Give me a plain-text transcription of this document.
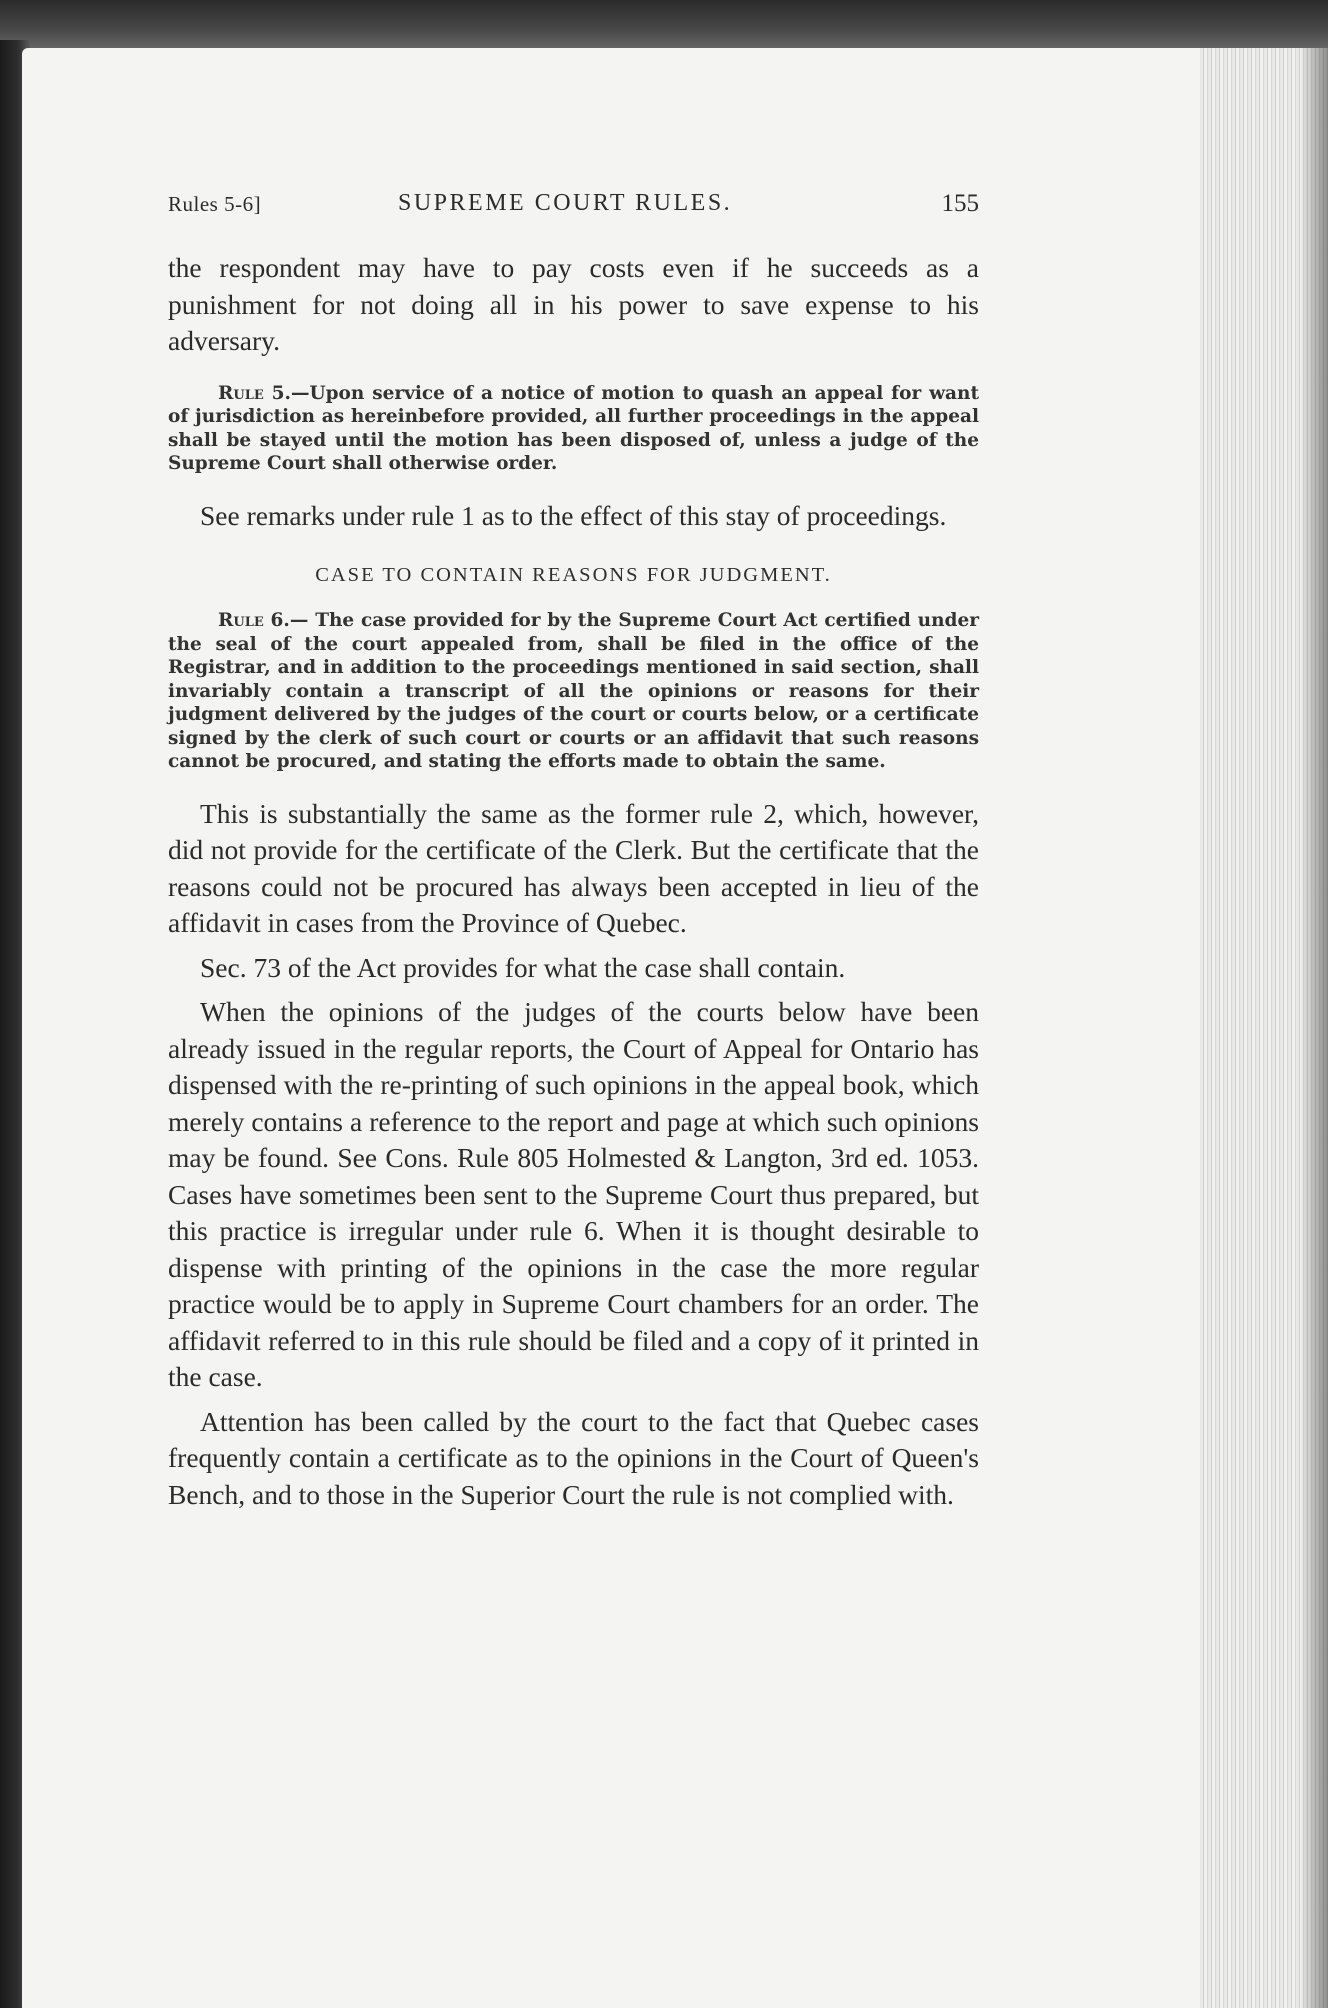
Rules 5-6]	SUPREME COURT RULES.	155

the respondent may have to pay costs even if he succeeds as a punishment for not doing all in his power to save expense to his adversary.

Rule 5.—Upon service of a notice of motion to quash an appeal for want of jurisdiction as hereinbefore provided, all further proceedings in the appeal shall be stayed until the motion has been disposed of, unless a judge of the Supreme Court shall otherwise order.

See remarks under rule 1 as to the effect of this stay of proceedings.

CASE TO CONTAIN REASONS FOR JUDGMENT.

Rule 6.— The case provided for by the Supreme Court Act certified under the seal of the court appealed from, shall be filed in the office of the Registrar, and in addition to the proceedings mentioned in said section, shall invariably contain a transcript of all the opinions or reasons for their judgment delivered by the judges of the court or courts below, or a certificate signed by the clerk of such court or courts or an affidavit that such reasons cannot be procured, and stating the efforts made to obtain the same.

This is substantially the same as the former rule 2, which, however, did not provide for the certificate of the Clerk. But the certificate that the reasons could not be procured has always been accepted in lieu of the affidavit in cases from the Province of Quebec.

Sec. 73 of the Act provides for what the case shall contain.

When the opinions of the judges of the courts below have been already issued in the regular reports, the Court of Appeal for Ontario has dispensed with the re-printing of such opinions in the appeal book, which merely contains a reference to the report and page at which such opinions may be found. See Cons. Rule 805 Holmested & Langton, 3rd ed. 1053. Cases have sometimes been sent to the Supreme Court thus prepared, but this practice is irregular under rule 6. When it is thought desirable to dispense with printing of the opinions in the case the more regular practice would be to apply in Supreme Court chambers for an order. The affidavit referred to in this rule should be filed and a copy of it printed in the case.

Attention has been called by the court to the fact that Quebec cases frequently contain a certificate as to the opinions in the Court of Queen's Bench, and to those in the Superior Court the rule is not complied with.
